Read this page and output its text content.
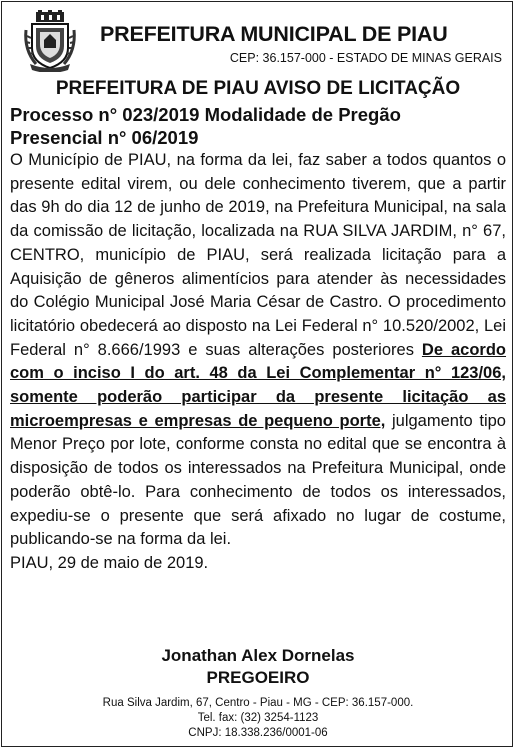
PREFEITURA MUNICIPAL DE PIAU
CEP: 36.157-000 - ESTADO DE MINAS GERAIS
PREFEITURA DE PIAU AVISO DE LICITAÇÃO
Processo n° 023/2019 Modalidade de Pregão
Presencial n° 06/2019
O Município de PIAU, na forma da lei, faz saber a todos quantos o presente edital virem, ou dele conhecimento tiverem, que a partir das 9h do dia 12 de junho de 2019, na Prefeitura Municipal, na sala da comissão de licitação, localizada na RUA SILVA JARDIM, n° 67, CENTRO, município de PIAU, será realizada licitação para a Aquisição de gêneros alimentícios para atender às necessidades do Colégio Municipal José Maria César de Castro. O procedimento licitatório obedecerá ao disposto na Lei Federal n° 10.520/2002, Lei Federal n° 8.666/1993 e suas alterações posteriores De acordo com o inciso I do art. 48 da Lei Complementar n° 123/06, somente poderão participar da presente licitação as microempresas e empresas de pequeno porte, julgamento tipo Menor Preço por lote, conforme consta no edital que se encontra à disposição de todos os interessados na Prefeitura Municipal, onde poderão obtê-lo. Para conhecimento de todos os interessados, expediu-se o presente que será afixado no lugar de costume, publicando-se na forma da lei.
PIAU, 29 de maio de 2019.
Jonathan Alex Dornelas
PREGOEIRO
Rua Silva Jardim, 67, Centro - Piau - MG - CEP: 36.157-000.
Tel. fax: (32) 3254-1123
CNPJ: 18.338.236/0001-06
